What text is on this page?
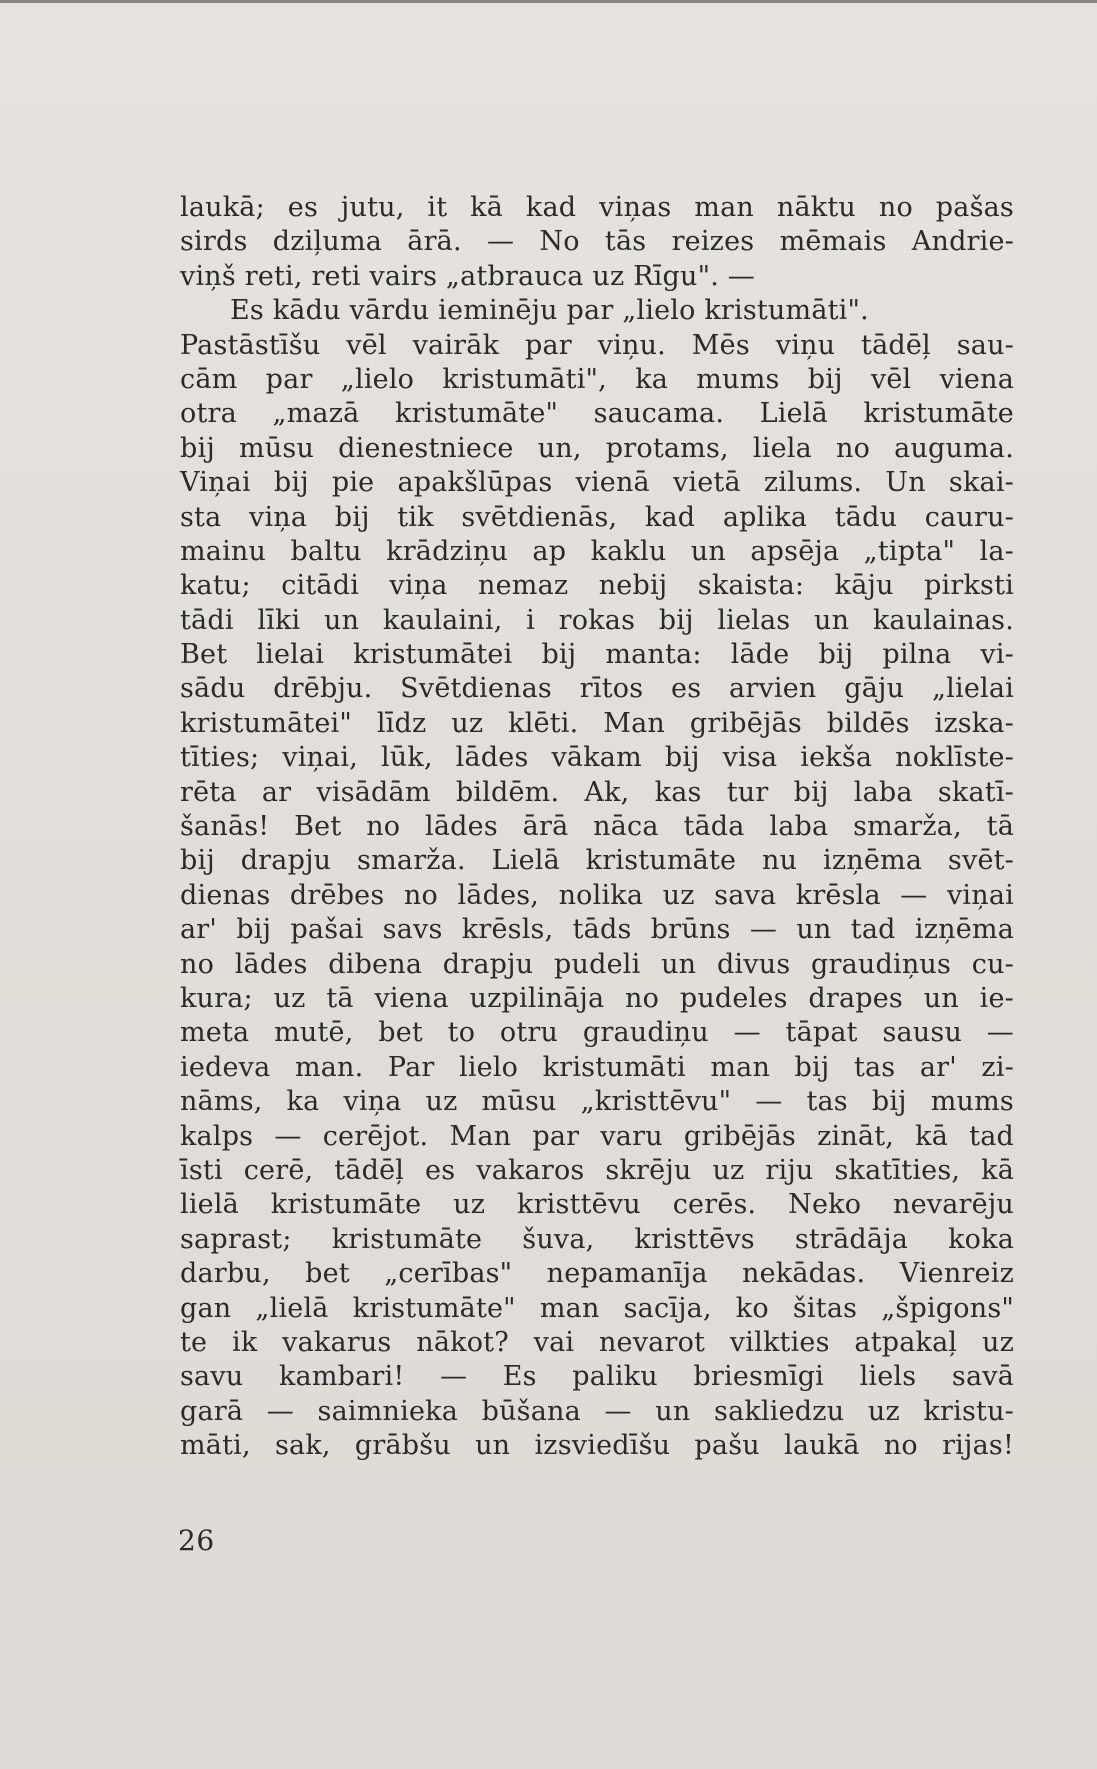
laukā; es jutu, it kā kad viņas man nāktu no pašas
sirds dziļuma ārā. — No tās reizes mēmais Andrie-
viņš reti, reti vairs „atbrauca uz Rīgu". —
Es kādu vārdu ieminēju par „lielo kristumāti".
Pastāstīšu vēl vairāk par viņu. Mēs viņu tādēļ sau-
cām par „lielo kristumāti", ka mums bij vēl viena
otra „mazā kristumāte" saucama. Lielā kristumāte
bij mūsu dienestniece un, protams, liela no auguma.
Viņai bij pie apakšlūpas vienā vietā zilums. Un skai-
sta viņa bij tik svētdienās, kad aplika tādu cauru-
mainu baltu krādziņu ap kaklu un apsēja „tipta" la-
katu; citādi viņa nemaz nebij skaista: kāju pirksti
tādi līki un kaulaini, i rokas bij lielas un kaulainas.
Bet lielai kristumātei bij manta: lāde bij pilna vi-
sādu drēbju. Svētdienas rītos es arvien gāju „lielai
kristumātei" līdz uz klēti. Man gribējās bildēs izska-
tīties; viņai, lūk, lādes vākam bij visa iekša noklīste-
rēta ar visādām bildēm. Ak, kas tur bij laba skatī-
šanās! Bet no lādes ārā nāca tāda laba smarža, tā
bij drapju smarža. Lielā kristumāte nu izņēma svēt-
dienas drēbes no lādes, nolika uz sava krēsla — viņai
ar' bij pašai savs krēsls, tāds brūns — un tad izņēma
no lādes dibena drapju pudeli un divus graudiņus cu-
kura; uz tā viena uzpilināja no pudeles drapes un ie-
meta mutē, bet to otru graudiņu — tāpat sausu —
iedeva man. Par lielo kristumāti man bij tas ar' zi-
nāms, ka viņa uz mūsu „kristtēvu" — tas bij mums
kalps — cerējot. Man par varu gribējās zināt, kā tad
īsti cerē, tādēļ es vakaros skrēju uz riju skatīties, kā
lielā kristumāte uz kristtēvu cerēs. Neko nevarēju
saprast; kristumāte šuva, kristtēvs strādāja koka
darbu, bet „cerības" nepamanīja nekādas. Vienreiz
gan „lielā kristumāte" man sacīja, ko šitas „špigons"
te ik vakarus nākot? vai nevarot vilkties atpakaļ uz
savu kambari! — Es paliku briesmīgi liels savā
garā — saimnieka būšana — un sakliedzu uz kristu-
māti, sak, grābšu un izsviedīšu pašu laukā no rijas!
26
